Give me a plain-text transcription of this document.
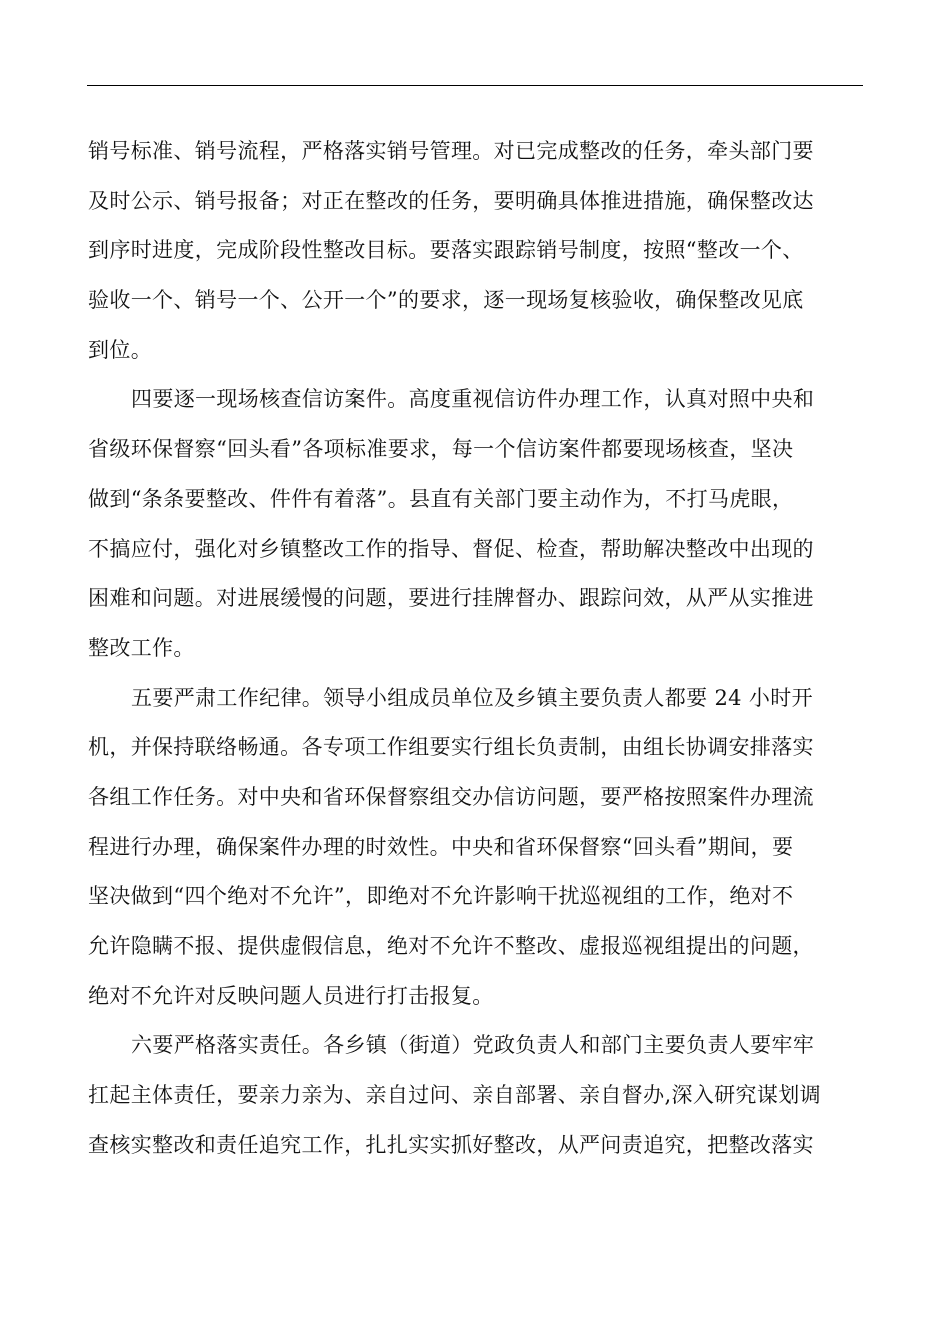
销号标准、销号流程，严格落实销号管理。对已完成整改的任务，牵头部门要
及时公示、销号报备；对正在整改的任务，要明确具体推进措施，确保整改达
到序时进度，完成阶段性整改目标。要落实跟踪销号制度，按照“整改一个、
验收一个、销号一个、公开一个”的要求，逐一现场复核验收，确保整改见底
到位。
四要逐一现场核查信访案件。高度重视信访件办理工作，认真对照中央和
省级环保督察“回头看”各项标准要求，每一个信访案件都要现场核查，坚决
做到“条条要整改、件件有着落”。县直有关部门要主动作为，不打马虎眼，
不搞应付，强化对乡镇整改工作的指导、督促、检查，帮助解决整改中出现的
困难和问题。对进展缓慢的问题，要进行挂牌督办、跟踪问效，从严从实推进
整改工作。
五要严肃工作纪律。领导小组成员单位及乡镇主要负责人都要 24 小时开
机，并保持联络畅通。各专项工作组要实行组长负责制，由组长协调安排落实
各组工作任务。对中央和省环保督察组交办信访问题，要严格按照案件办理流
程进行办理，确保案件办理的时效性。中央和省环保督察“回头看”期间，要
坚决做到“四个绝对不允许”，即绝对不允许影响干扰巡视组的工作，绝对不
允许隐瞒不报、提供虚假信息，绝对不允许不整改、虚报巡视组提出的问题，
绝对不允许对反映问题人员进行打击报复。
六要严格落实责任。各乡镇（街道）党政负责人和部门主要负责人要牢牢
扛起主体责任，要亲力亲为、亲自过问、亲自部署、亲自督办,深入研究谋划调
查核实整改和责任追究工作，扎扎实实抓好整改，从严问责追究，把整改落实
